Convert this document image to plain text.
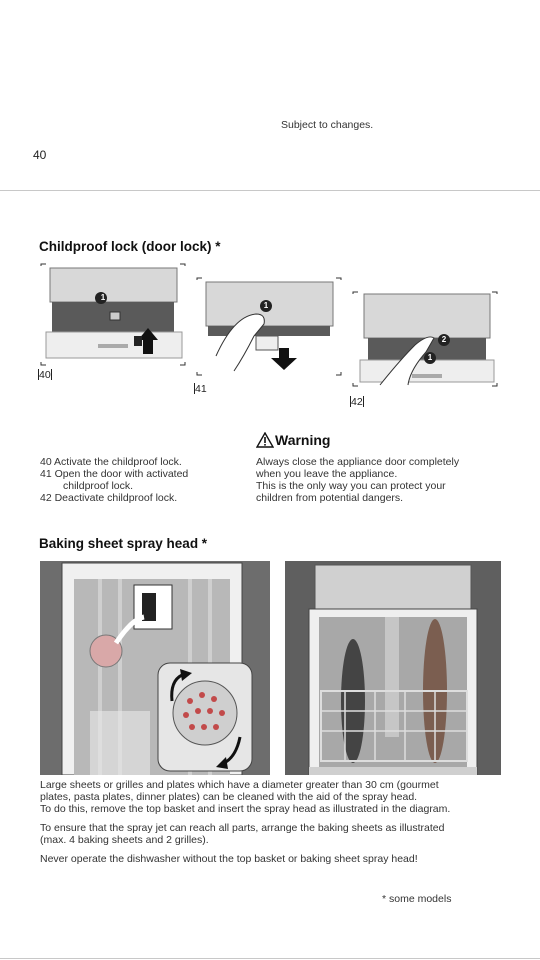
Subject to changes.
40
Childproof lock (door lock) *
1
40
1
41
2
1
42
Warning
40 Activate the childproof lock.
41 Open the door with activated
childproof lock.
42 Deactivate childproof lock.
Always close the appliance door completely
when you leave the appliance.
This is the only way you can protect your
children from potential dangers.
Baking sheet spray head *
Large sheets or grilles and plates which have a diameter greater than 30 cm (gourmet
plates, pasta plates, dinner plates) can be cleaned with the aid of the spray head.
To do this, remove the top basket and insert the spray head as illustrated in the diagram.
To ensure that the spray jet can reach all parts, arrange the baking sheets as illustrated
(max. 4 baking sheets and 2 grilles).
Never operate the dishwasher without the top basket or baking sheet spray head!
* some models
